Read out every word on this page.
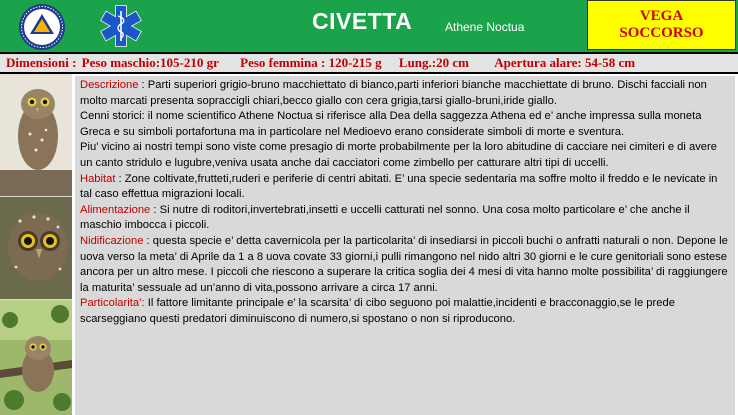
CIVETTA	Athene Noctua
VEGA
SOCCORSO
Dimensioni : Peso maschio:105-210 gr Peso femmina : 120-215 g Lung.:20 cm Apertura alare: 54-58 cm

Descrizione : Parti superiori grigio-bruno macchiettato di bianco,parti inferiori bianche macchiettate di bruno. Dischi facciali non molto marcati presenta sopraccigli chiari,becco giallo con cera grigia,tarsi giallo-bruni,iride giallo.

Cenni storici: il nome scientifico Athene Noctua si riferisce alla Dea della saggezza Athena ed e’ anche impressa sulla moneta Greca e su simboli portafortuna ma in particolare nel Medioevo erano considerate simboli di morte e sventura.

Piu’ vicino ai nostri tempi sono viste come presagio di morte probabilmente per la loro abitudine di cacciare nei cimiteri e di avere un canto stridulo e lugubre,veniva usata anche dai cacciatori come zimbello per catturare altri tipi di uccelli.

Habitat : Zone coltivate,frutteti,ruderi e periferie di centri abitati. E’ una specie sedentaria ma soffre molto il freddo e le nevicate in tal caso effettua migrazioni locali.

Alimentazione : Si nutre di roditori,invertebrati,insetti e uccelli catturati nel sonno. Una cosa molto particolare e’ che anche il maschio imbocca i piccoli.

Nidificazione : questa specie e’ detta cavernicola per la particolarita’ di insediarsi in piccoli buchi o anfratti naturali o non. Depone le uova verso la meta’ di Aprile da 1 a 8 uova covate 33 giorni,i pulli rimangono nel nido altri 30 giorni e le cure genitoriali sono estese ancora per un altro mese. I piccoli che riescono a superare la critica soglia dei 4 mesi di vita hanno molte possibilita’ di raggiungere la maturita’ sessuale ad un’anno di vita,possono arrivare a circa 17 anni.

Particolarita’: Il fattore limitante principale e’ la scarsita’ di cibo seguono poi malattie,incidenti e bracconaggio,se le prede scarseggiano questi predatori diminuiscono di numero,si spostano o non si riproducono.
